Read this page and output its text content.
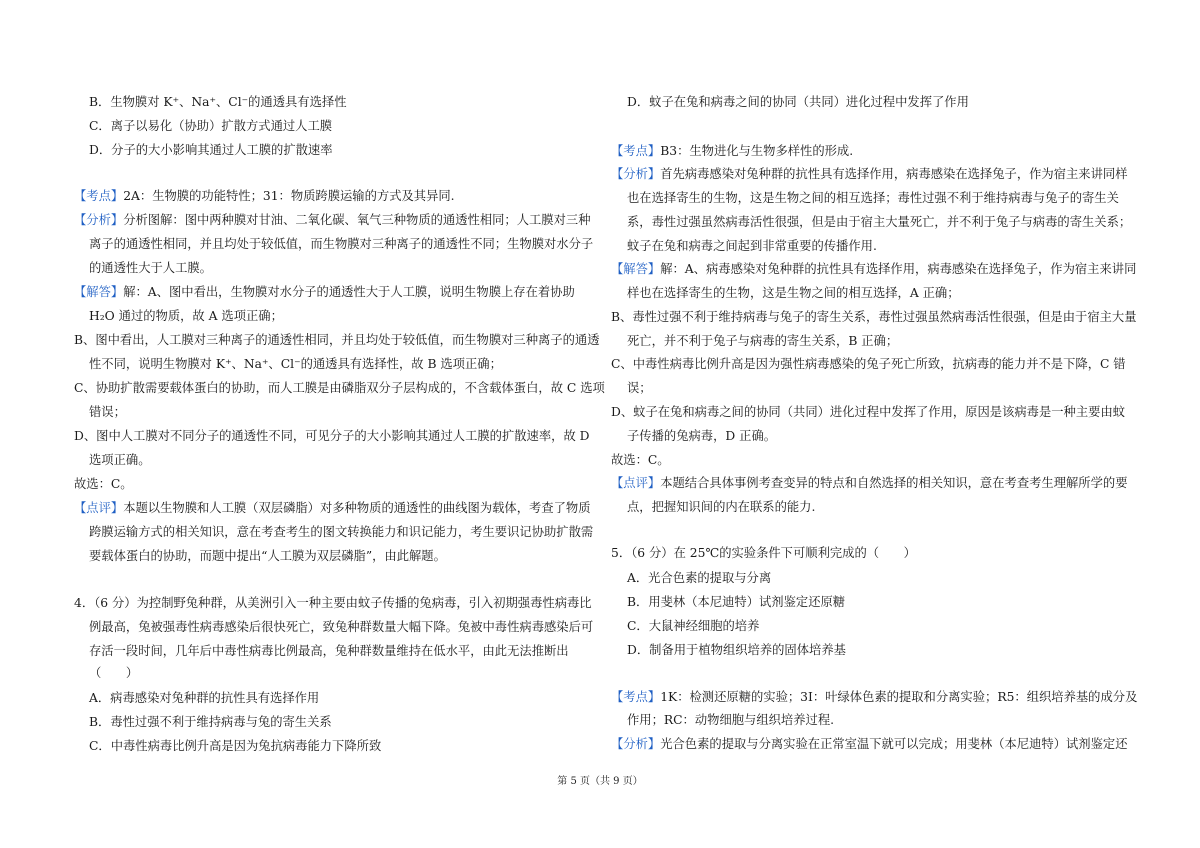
B．生物膜对 K⁺、Na⁺、Cl⁻的通透具有选择性
C．离子以易化（协助）扩散方式通过人工膜
D．分子的大小影响其通过人工膜的扩散速率
【考点】2A：生物膜的功能特性；31：物质跨膜运输的方式及其异同.
【分析】分析图解：图中两种膜对甘油、二氧化碳、氧气三种物质的通透性相同；人工膜对三种
离子的通透性相同，并且均处于较低值，而生物膜对三种离子的通透性不同；生物膜对水分子
的通透性大于人工膜。
【解答】解：A、图中看出，生物膜对水分子的通透性大于人工膜，说明生物膜上存在着协助
H₂O 通过的物质，故 A 选项正确；
B、图中看出，人工膜对三种离子的通透性相同，并且均处于较低值，而生物膜对三种离子的通透
性不同，说明生物膜对 K⁺、Na⁺、Cl⁻的通透具有选择性，故 B 选项正确；
C、协助扩散需要载体蛋白的协助，而人工膜是由磷脂双分子层构成的，不含载体蛋白，故 C 选项
错误；
D、图中人工膜对不同分子的通透性不同，可见分子的大小影响其通过人工膜的扩散速率，故 D
选项正确。
故选：C。
【点评】本题以生物膜和人工膜（双层磷脂）对多种物质的通透性的曲线图为载体，考查了物质
跨膜运输方式的相关知识，意在考查考生的图文转换能力和识记能力，考生要识记协助扩散需
要载体蛋白的协助，而题中提出“人工膜为双层磷脂”，由此解题。
4．（6 分）为控制野兔种群，从美洲引入一种主要由蚊子传播的兔病毒，引入初期强毒性病毒比
例最高，兔被强毒性病毒感染后很快死亡，致兔种群数量大幅下降。兔被中毒性病毒感染后可
存活一段时间，几年后中毒性病毒比例最高，兔种群数量维持在低水平，由此无法推断出
（　　）
A．病毒感染对兔种群的抗性具有选择作用
B．毒性过强不利于维持病毒与兔的寄生关系
C．中毒性病毒比例升高是因为兔抗病毒能力下降所致
D．蚊子在兔和病毒之间的协同（共同）进化过程中发挥了作用
【考点】B3：生物进化与生物多样性的形成.
【分析】首先病毒感染对兔种群的抗性具有选择作用，病毒感染在选择兔子，作为宿主来讲同样
也在选择寄生的生物，这是生物之间的相互选择；毒性过强不利于维持病毒与兔子的寄生关
系，毒性过强虽然病毒活性很强，但是由于宿主大量死亡，并不利于兔子与病毒的寄生关系；
蚊子在兔和病毒之间起到非常重要的传播作用.
【解答】解：A、病毒感染对兔种群的抗性具有选择作用，病毒感染在选择兔子，作为宿主来讲同
样也在选择寄生的生物，这是生物之间的相互选择，A 正确；
B、毒性过强不利于维持病毒与兔子的寄生关系，毒性过强虽然病毒活性很强，但是由于宿主大量
死亡，并不利于兔子与病毒的寄生关系，B 正确；
C、中毒性病毒比例升高是因为强性病毒感染的兔子死亡所致，抗病毒的能力并不是下降，C 错
误；
D、蚊子在兔和病毒之间的协同（共同）进化过程中发挥了作用，原因是该病毒是一种主要由蚊
子传播的兔病毒，D 正确。
故选：C。
【点评】本题结合具体事例考查变异的特点和自然选择的相关知识，意在考查考生理解所学的要
点，把握知识间的内在联系的能力.
5．（6 分）在 25℃的实验条件下可顺利完成的（　　）
A．光合色素的提取与分离
B．用斐林（本尼迪特）试剂鉴定还原糖
C．大鼠神经细胞的培养
D．制备用于植物组织培养的固体培养基
【考点】1K：检测还原糖的实验；3I：叶绿体色素的提取和分离实验；R5：组织培养基的成分及
作用；RC：动物细胞与组织培养过程.
【分析】光合色素的提取与分离实验在正常室温下就可以完成；用斐林（本尼迪特）试剂鉴定还
第 5 页（共 9 页）
